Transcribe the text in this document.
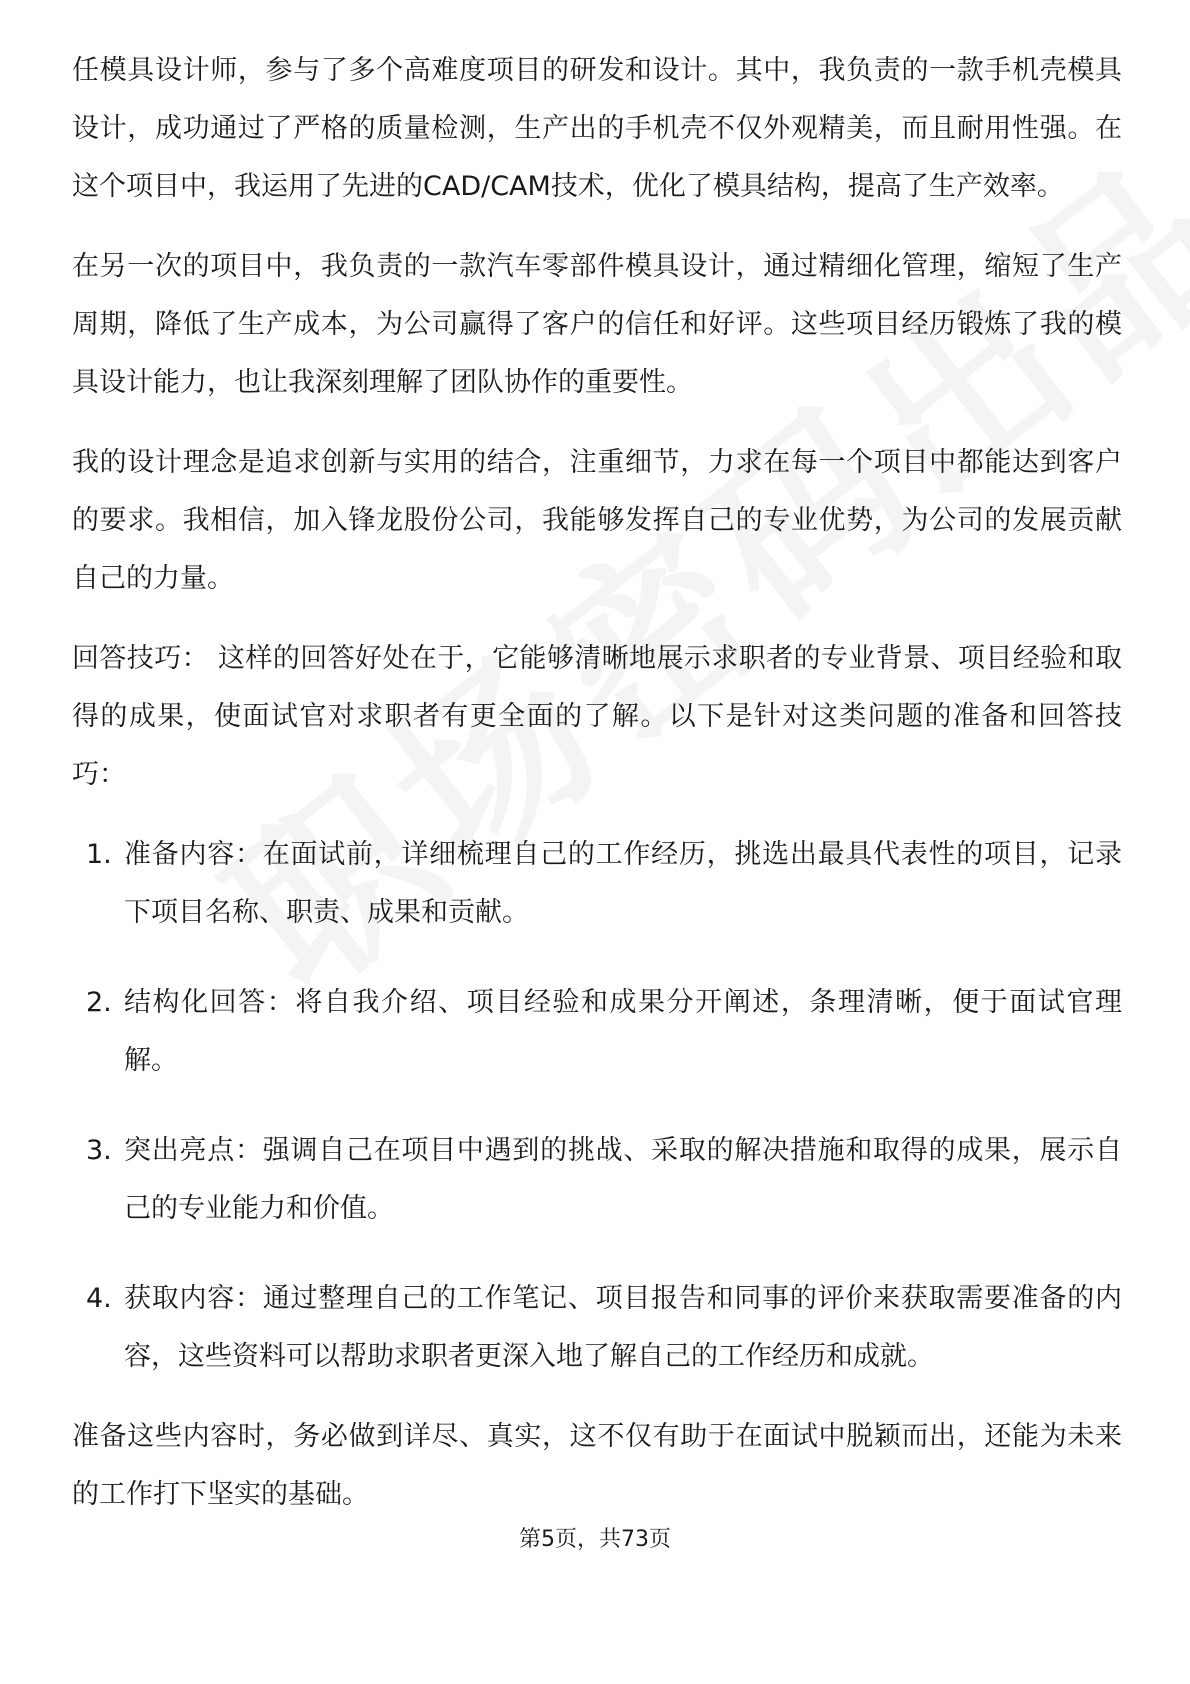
任模具设计师，参与了多个高难度项目的研发和设计。其中，我负责的一款手机壳模具设计，成功通过了严格的质量检测，生产出的手机壳不仅外观精美，而且耐用性强。在这个项目中，我运用了先进的CAD/CAM技术，优化了模具结构，提高了生产效率。

在另一次的项目中，我负责的一款汽车零部件模具设计，通过精细化管理，缩短了生产周期，降低了生产成本，为公司赢得了客户的信任和好评。这些项目经历锻炼了我的模具设计能力，也让我深刻理解了团队协作的重要性。

我的设计理念是追求创新与实用的结合，注重细节，力求在每一个项目中都能达到客户的要求。我相信，加入锋龙股份公司，我能够发挥自己的专业优势，为公司的发展贡献自己的力量。

回答技巧： 这样的回答好处在于，它能够清晰地展示求职者的专业背景、项目经验和取得的成果，使面试官对求职者有更全面的了解。以下是针对这类问题的准备和回答技巧：

1. 准备内容：在面试前，详细梳理自己的工作经历，挑选出最具代表性的项目，记录下项目名称、职责、成果和贡献。
2. 结构化回答：将自我介绍、项目经验和成果分开阐述，条理清晰，便于面试官理解。
3. 突出亮点：强调自己在项目中遇到的挑战、采取的解决措施和取得的成果，展示自己的专业能力和价值。
4. 获取内容：通过整理自己的工作笔记、项目报告和同事的评价来获取需要准备的内容，这些资料可以帮助求职者更深入地了解自己的工作经历和成就。

准备这些内容时，务必做到详尽、真实，这不仅有助于在面试中脱颖而出，还能为未来的工作打下坚实的基础。

第5页，共73页
